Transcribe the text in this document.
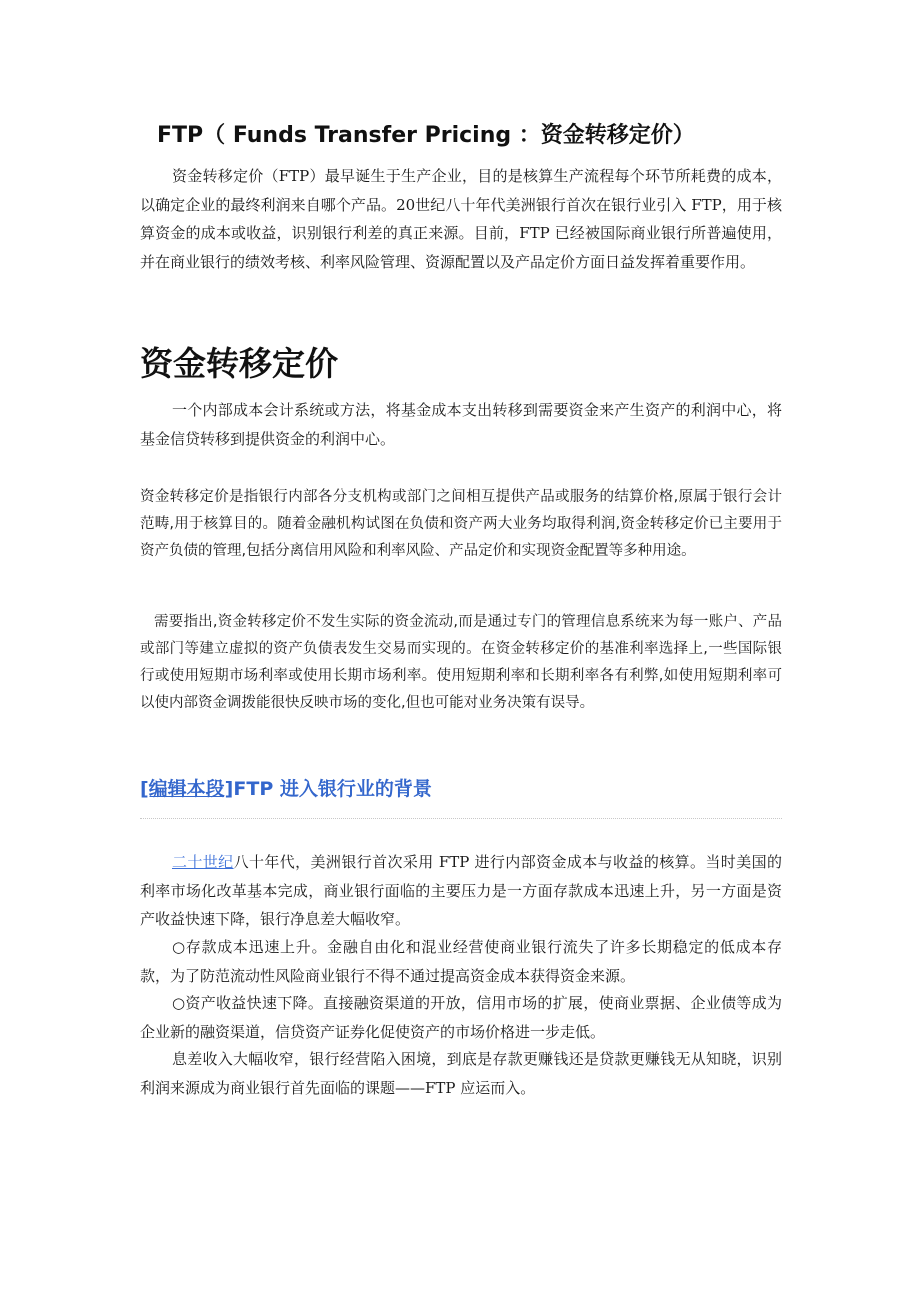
FTP（ Funds Transfer Pricing ：资金转移定价）
资金转移定价（FTP）最早诞生于生产企业，目的是核算生产流程每个环节所耗费的成本，以确定企业的最终利润来自哪个产品。20世纪八十年代美洲银行首次在银行业引入 FTP，用于核算资金的成本或收益，识别银行利差的真正来源。目前，FTP 已经被国际商业银行所普遍使用，并在商业银行的绩效考核、利率风险管理、资源配置以及产品定价方面日益发挥着重要作用。
资金转移定价
一个内部成本会计系统或方法，将基金成本支出转移到需要资金来产生资产的利润中心，将基金信贷转移到提供资金的利润中心。
资金转移定价是指银行内部各分支机构或部门之间相互提供产品或服务的结算价格,原属于银行会计范畴,用于核算目的。随着金融机构试图在负债和资产两大业务均取得利润,资金转移定价已主要用于资产负债的管理,包括分离信用风险和利率风险、产品定价和实现资金配置等多种用途。
需要指出,资金转移定价不发生实际的资金流动,而是通过专门的管理信息系统来为每一账户、产品或部门等建立虚拟的资产负债表发生交易而实现的。在资金转移定价的基准利率选择上,一些国际银行或使用短期市场利率或使用长期市场利率。使用短期利率和长期利率各有利弊,如使用短期利率可以使内部资金调拨能很快反映市场的变化,但也可能对业务决策有误导。
[编辑本段]FTP 进入银行业的背景
二十世纪八十年代，美洲银行首次采用 FTP 进行内部资金成本与收益的核算。当时美国的利率市场化改革基本完成，商业银行面临的主要压力是一方面存款成本迅速上升，另一方面是资产收益快速下降，银行净息差大幅收窄。
○存款成本迅速上升。金融自由化和混业经营使商业银行流失了许多长期稳定的低成本存款，为了防范流动性风险商业银行不得不通过提高资金成本获得资金来源。
○资产收益快速下降。直接融资渠道的开放，信用市场的扩展，使商业票据、企业债等成为企业新的融资渠道，信贷资产证券化促使资产的市场价格进一步走低。
息差收入大幅收窄，银行经营陷入困境，到底是存款更赚钱还是贷款更赚钱无从知晓，识别利润来源成为商业银行首先面临的课题——FTP 应运而入。
